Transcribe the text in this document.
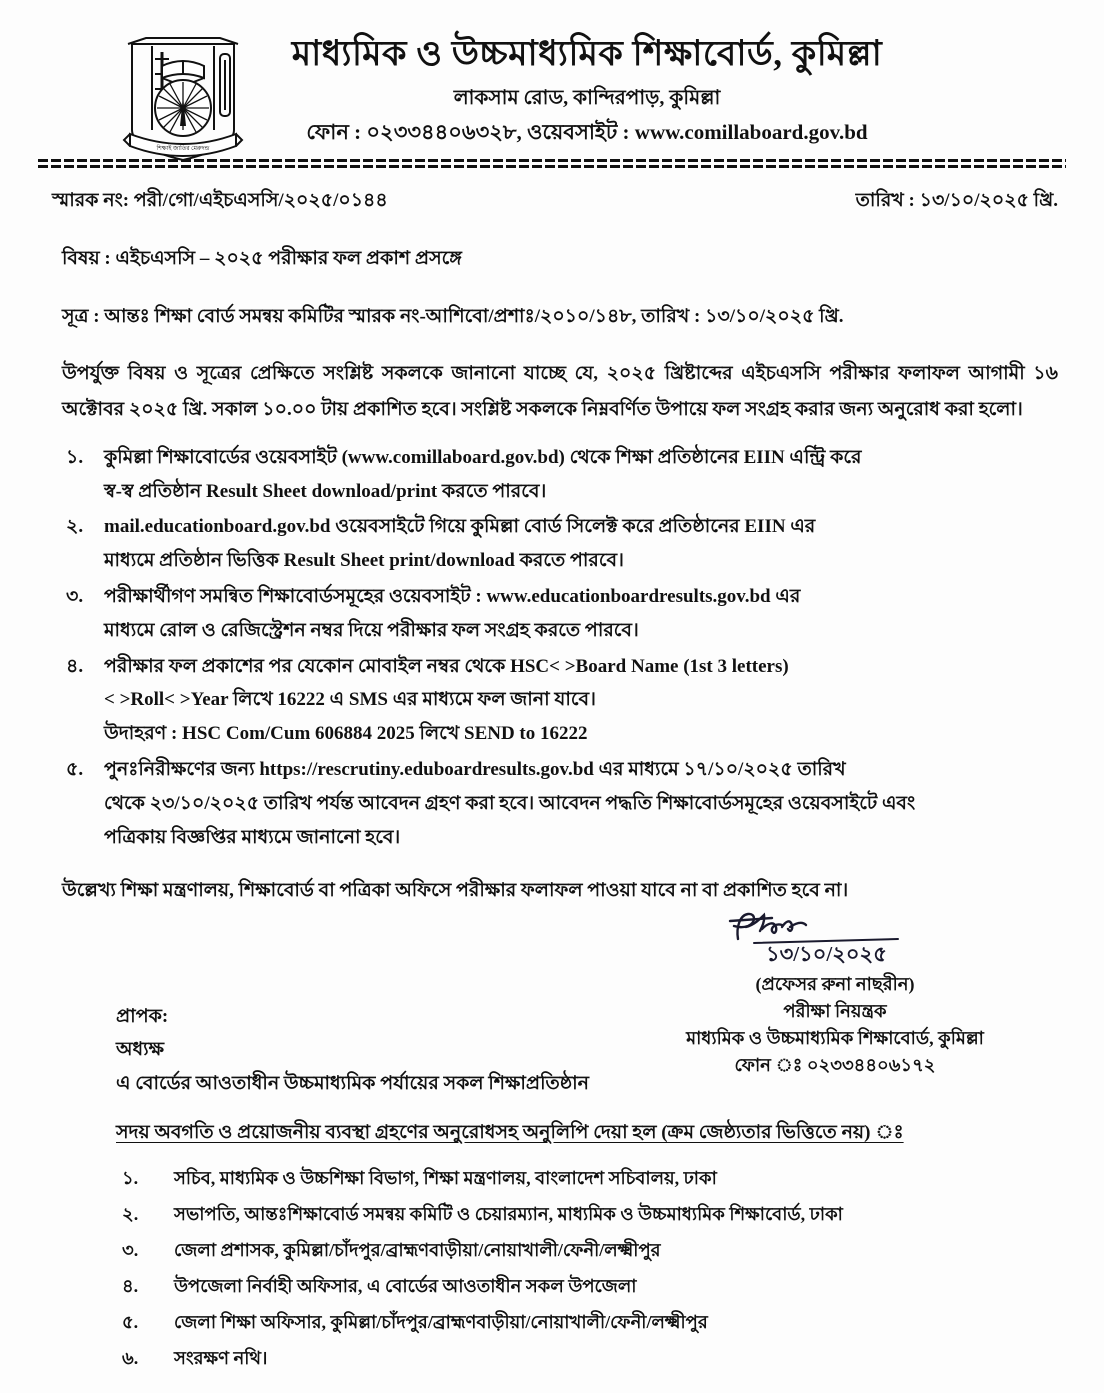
শিক্ষাই জাতির মেরুদন্ড
মাধ্যমিক ও উচ্চমাধ্যমিক শিক্ষাবোর্ড, কুমিল্লা
লাকসাম রোড, কান্দিরপাড়, কুমিল্লা
ফোন : ০২৩৩৪৪০৬৩২৮, ওয়েবসাইট : www.comillaboard.gov.bd
স্মারক নং: পরী/গো/এইচএসসি/২০২৫/০১৪৪	তারিখ : ১৩/১০/২০২৫ খ্রি.
বিষয় : এইচএসসি – ২০২৫ পরীক্ষার ফল প্রকাশ প্রসঙ্গে
সূত্র : আন্তঃ শিক্ষা বোর্ড সমন্বয় কমিটির স্মারক নং-আশিবো/প্রশাঃ/২০১০/১৪৮, তারিখ : ১৩/১০/২০২৫ খ্রি.
উপর্যুক্ত বিষয় ও সূত্রের প্রেক্ষিতে সংশ্লিষ্ট সকলকে জানানো যাচ্ছে যে, ২০২৫ খ্রিষ্টাব্দের এইচএসসি পরীক্ষার ফলাফল আগামী ১৬ অক্টোবর ২০২৫ খ্রি. সকাল ১০.০০ টায় প্রকাশিত হবে। সংশ্লিষ্ট সকলকে নিম্নবর্ণিত উপায়ে ফল সংগ্রহ করার জন্য অনুরোধ করা হলো।
১.	কুমিল্লা শিক্ষাবোর্ডের ওয়েবসাইট (www.comillaboard.gov.bd) থেকে শিক্ষা প্রতিষ্ঠানের EIIN এন্ট্রি করে
স্ব-স্ব প্রতিষ্ঠান Result Sheet download/print করতে পারবে।
২.	mail.educationboard.gov.bd ওয়েবসাইটে গিয়ে কুমিল্লা বোর্ড সিলেক্ট করে প্রতিষ্ঠানের EIIN এর
মাধ্যমে প্রতিষ্ঠান ভিত্তিক Result Sheet print/download করতে পারবে।
৩.	পরীক্ষার্থীগণ সমন্বিত শিক্ষাবোর্ডসমূহের ওয়েবসাইট : www.educationboardresults.gov.bd এর
মাধ্যমে রোল ও রেজিস্ট্রেশন নম্বর দিয়ে পরীক্ষার ফল সংগ্রহ করতে পারবে।
৪.	পরীক্ষার ফল প্রকাশের পর যেকোন মোবাইল নম্বর থেকে HSC< >Board Name (1st 3 letters)
< >Roll< >Year লিখে 16222 এ SMS এর মাধ্যমে ফল জানা যাবে।
উদাহরণ : HSC Com/Cum 606884 2025 লিখে SEND to 16222
৫.	পুনঃনিরীক্ষণের জন্য https://rescrutiny.eduboardresults.gov.bd এর মাধ্যমে ১৭/১০/২০২৫ তারিখ
থেকে ২৩/১০/২০২৫ তারিখ পর্যন্ত আবেদন গ্রহণ করা হবে। আবেদন পদ্ধতি শিক্ষাবোর্ডসমূহের ওয়েবসাইটে এবং
পত্রিকায় বিজ্ঞপ্তির মাধ্যমে জানানো হবে।
উল্লেখ্য শিক্ষা মন্ত্রণালয়, শিক্ষাবোর্ড বা পত্রিকা অফিসে পরীক্ষার ফলাফল পাওয়া যাবে না বা প্রকাশিত হবে না।
১৩/১০/২০২৫
(প্রফেসর রুনা নাছরীন)
পরীক্ষা নিয়ন্ত্রক
মাধ্যমিক ও উচ্চমাধ্যমিক শিক্ষাবোর্ড, কুমিল্লা
ফোন ঃ ০২৩৩৪৪০৬১৭২
প্রাপক:
অধ্যক্ষ
এ বোর্ডের আওতাধীন উচ্চমাধ্যমিক পর্যায়ের সকল শিক্ষাপ্রতিষ্ঠান
সদয় অবগতি ও প্রয়োজনীয় ব্যবস্থা গ্রহণের অনুরোধসহ অনুলিপি দেয়া হল (ক্রম জেষ্ঠ্যতার ভিত্তিতে নয়) ঃ
১.	সচিব, মাধ্যমিক ও উচ্চশিক্ষা বিভাগ, শিক্ষা মন্ত্রণালয়, বাংলাদেশ সচিবালয়, ঢাকা
২.	সভাপতি, আন্তঃশিক্ষাবোর্ড সমন্বয় কমিটি ও চেয়ারম্যান, মাধ্যমিক ও উচ্চমাধ্যমিক শিক্ষাবোর্ড, ঢাকা
৩.	জেলা প্রশাসক, কুমিল্লা/চাঁদপুর/ব্রাহ্মণবাড়ীয়া/নোয়াখালী/ফেনী/লক্ষ্মীপুর
৪.	উপজেলা নির্বাহী অফিসার, এ বোর্ডের আওতাধীন সকল উপজেলা
৫.	জেলা শিক্ষা অফিসার, কুমিল্লা/চাঁদপুর/ব্রাহ্মণবাড়ীয়া/নোয়াখালী/ফেনী/লক্ষ্মীপুর
৬.	সংরক্ষণ নথি।
